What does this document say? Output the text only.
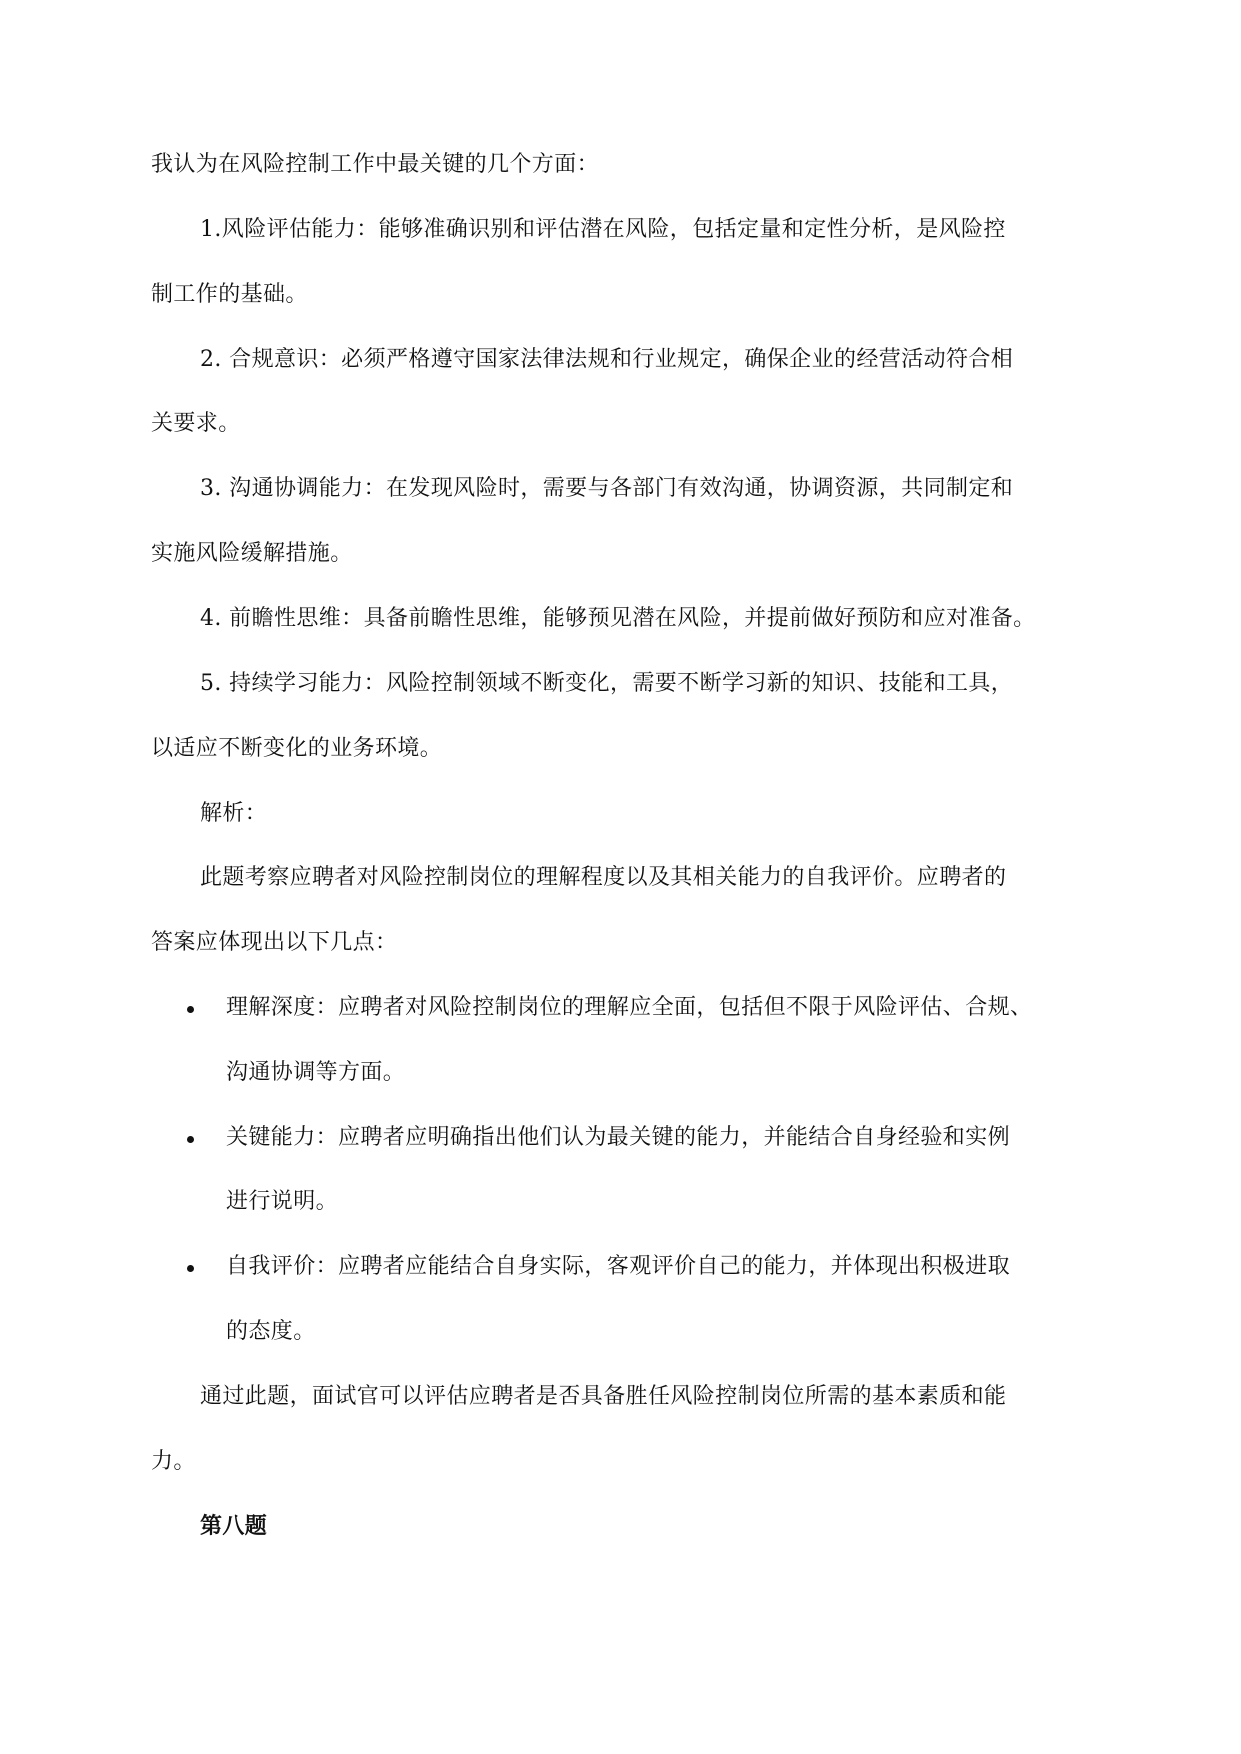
我认为在风险控制工作中最关键的几个方面：
1.风险评估能力：能够准确识别和评估潜在风险，包括定量和定性分析，是风险控
制工作的基础。
2. 合规意识：必须严格遵守国家法律法规和行业规定，确保企业的经营活动符合相
关要求。
3. 沟通协调能力：在发现风险时，需要与各部门有效沟通，协调资源，共同制定和
实施风险缓解措施。
4. 前瞻性思维：具备前瞻性思维，能够预见潜在风险，并提前做好预防和应对准备。
5. 持续学习能力：风险控制领域不断变化，需要不断学习新的知识、技能和工具，
以适应不断变化的业务环境。
解析：
此题考察应聘者对风险控制岗位的理解程度以及其相关能力的自我评价。应聘者的
答案应体现出以下几点：
理解深度：应聘者对风险控制岗位的理解应全面，包括但不限于风险评估、合规、
沟通协调等方面。
关键能力：应聘者应明确指出他们认为最关键的能力，并能结合自身经验和实例
进行说明。
自我评价：应聘者应能结合自身实际，客观评价自己的能力，并体现出积极进取
的态度。
通过此题，面试官可以评估应聘者是否具备胜任风险控制岗位所需的基本素质和能
力。
第八题
